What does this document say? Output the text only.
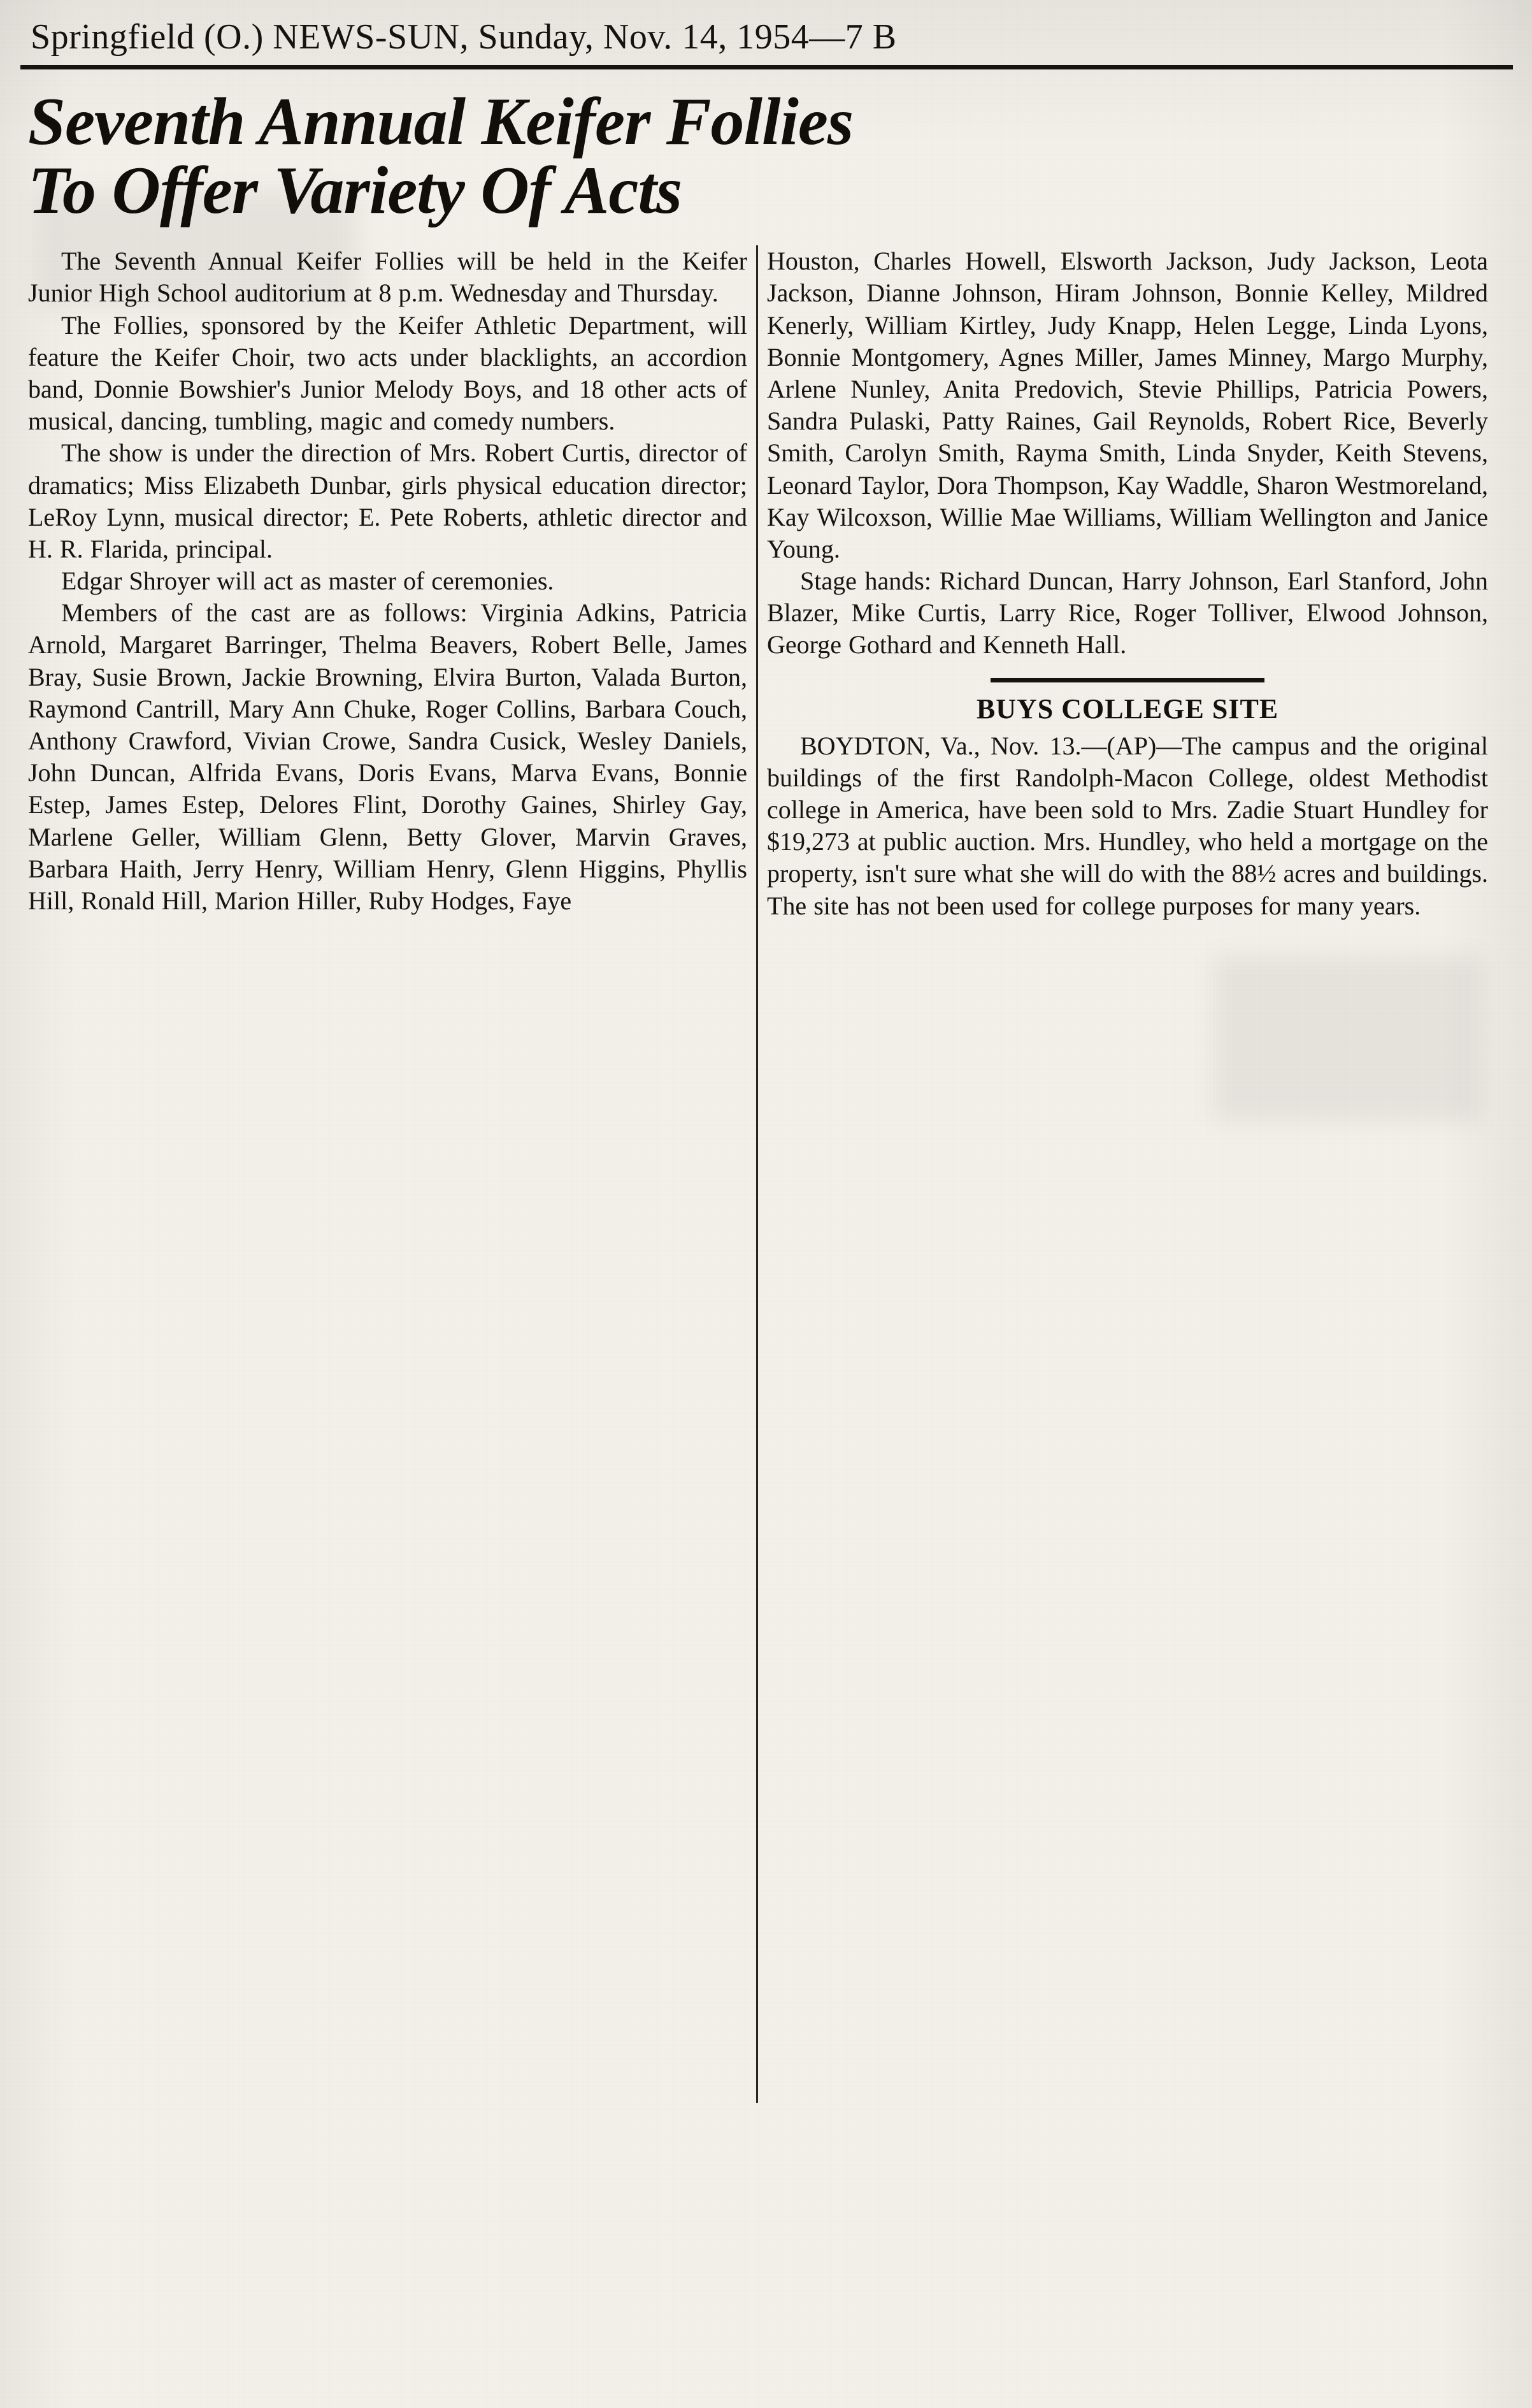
Springfield (O.) NEWS-SUN, Sunday, Nov. 14, 1954—7 B
Seventh Annual Keifer Follies
To Offer Variety Of Acts

The Seventh Annual Keifer Follies will be held in the Keifer Junior High School auditorium at 8 p.m. Wednesday and Thursday.

The Follies, sponsored by the Keifer Athletic Department, will feature the Keifer Choir, two acts under blacklights, an accordion band, Donnie Bowshier's Junior Melody Boys, and 18 other acts of musical, dancing, tumbling, magic and comedy numbers.

The show is under the direction of Mrs. Robert Curtis, director of dramatics; Miss Elizabeth Dunbar, girls physical education director; LeRoy Lynn, musical director; E. Pete Roberts, athletic director and H. R. Flarida, principal.

Edgar Shroyer will act as master of ceremonies.

Members of the cast are as follows: Virginia Adkins, Patricia Arnold, Margaret Barringer, Thelma Beavers, Robert Belle, James Bray, Susie Brown, Jackie Browning, Elvira Burton, Valada Burton, Raymond Cantrill, Mary Ann Chuke, Roger Collins, Barbara Couch, Anthony Crawford, Vivian Crowe, Sandra Cusick, Wesley Daniels, John Duncan, Alfrida Evans, Doris Evans, Marva Evans, Bonnie Estep, James Estep, Delores Flint, Dorothy Gaines, Shirley Gay, Marlene Geller, William Glenn, Betty Glover, Marvin Graves, Barbara Haith, Jerry Henry, William Henry, Glenn Higgins, Phyllis Hill, Ronald Hill, Marion Hiller, Ruby Hodges, Faye

Houston, Charles Howell, Elsworth Jackson, Judy Jackson, Leota Jackson, Dianne Johnson, Hiram Johnson, Bonnie Kelley, Mildred Kenerly, William Kirtley, Judy Knapp, Helen Legge, Linda Lyons, Bonnie Montgomery, Agnes Miller, James Minney, Margo Murphy, Arlene Nunley, Anita Predovich, Stevie Phillips, Patricia Powers, Sandra Pulaski, Patty Raines, Gail Reynolds, Robert Rice, Beverly Smith, Carolyn Smith, Rayma Smith, Linda Snyder, Keith Stevens, Leonard Taylor, Dora Thompson, Kay Waddle, Sharon Westmoreland, Kay Wilcoxson, Willie Mae Williams, William Wellington and Janice Young.

Stage hands: Richard Duncan, Harry Johnson, Earl Stanford, John Blazer, Mike Curtis, Larry Rice, Roger Tolliver, Elwood Johnson, George Gothard and Kenneth Hall.

BUYS COLLEGE SITE

BOYDTON, Va., Nov. 13.—(AP)—The campus and the original buildings of the first Randolph-Macon College, oldest Methodist college in America, have been sold to Mrs. Zadie Stuart Hundley for $19,273 at public auction. Mrs. Hundley, who held a mortgage on the property, isn't sure what she will do with the 88½ acres and buildings. The site has not been used for college purposes for many years.
